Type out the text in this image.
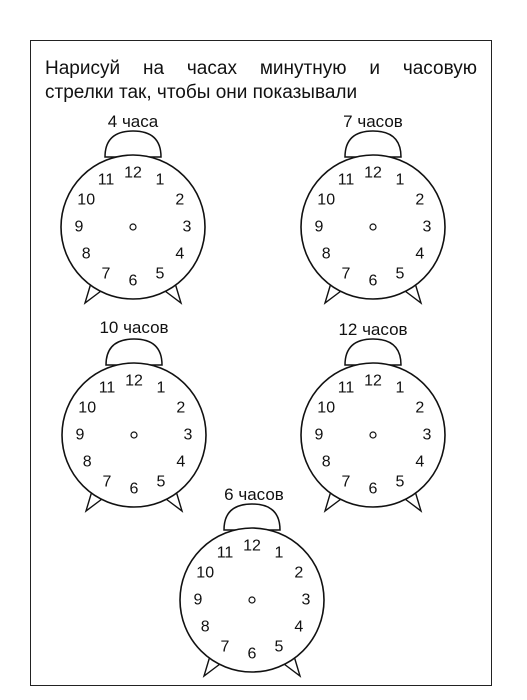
Нарисуй на часах минутную и часовую
стрелки так, чтобы они показывали

4 часа	7 часов
10 часов	12 часов
6 часов
12 1
2
3
4
5
6
7
8
9
10
11	12 1
2
3
4
5
6
7
8
9
10
11
12 1
2
3
4
5
6
7
8
9
10
11	12 1
2
3
4
5
6
7
8
9
10
11
12 1
2
3
4
5
6
7
8
9
10
11
